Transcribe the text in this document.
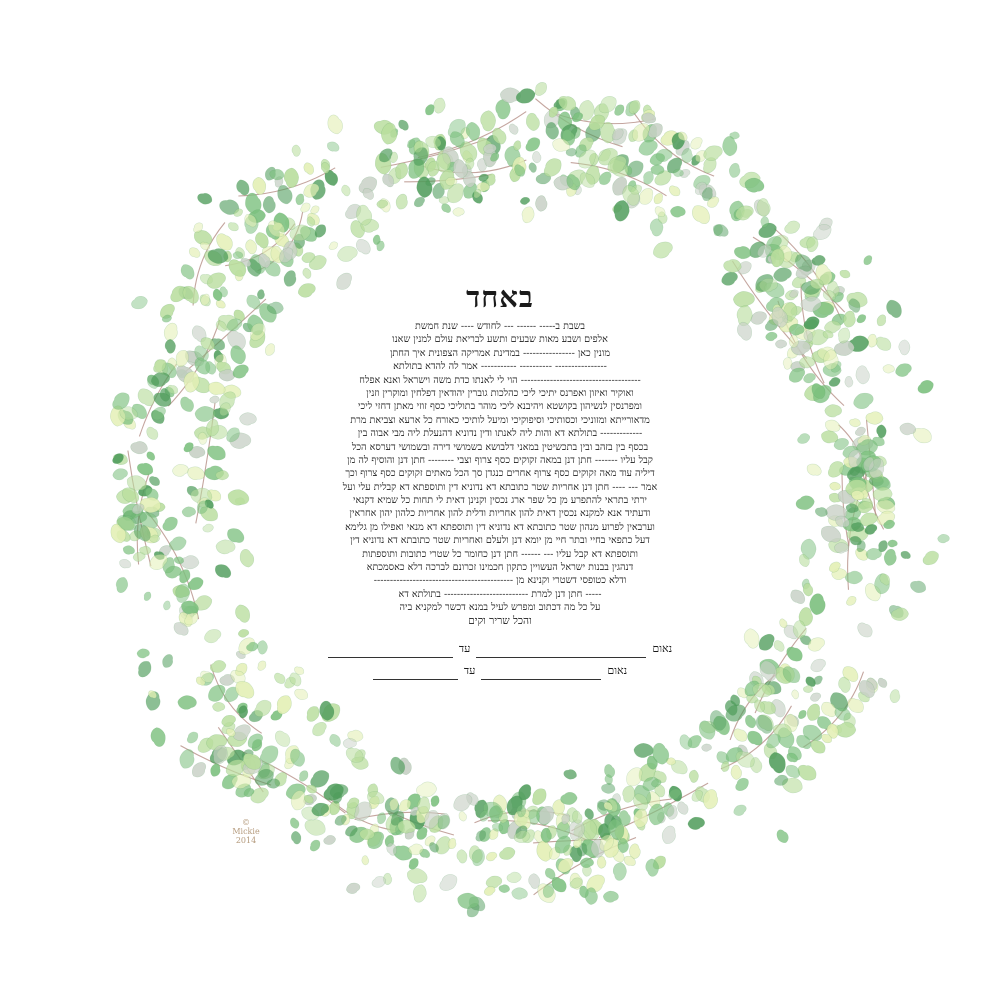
באחד
בשבת ב----- ------ --- לחודש ---- שנת חמשת
אלפים ושבע מאות שבעים ותשע לבריאת עולם למנין שאנו
מונין כאן ---------------- במדינת אמריקה הצפונית איך החתן
---------------- ---------- ----------- אמר לה להדא בתולתא
------------------------------------- הוי לי לאנתו כדת משה וישראל ואנא אפלח
ואוקיר ואיזון ואפרנס יתיכי ליכי כהלכות גוברין יהודאין דפלחין ומוקרין וזנין
ומפרנסין לנשיהון בקושטא ויהיבנא ליכי מוהר בתוליכי כסף זוזי מאתן דחזי ליכי
מדאורייתא ומזוניכי וכסותיכי וסיפוקיכי ומיעל לותיכי כאורח כל ארעא וצביאת מרת
------------- בתולתא דא והות ליה לאנתו ודין נדוניא דהנעלת ליה מבי אבוה בין
בכסף בין בזהב ובין בתכשיטין במאני דלבושא בשמושי דירה ובשמושי דערסא הכל
קבל עליו ------- חתן דנן במאה זקוקים כסף צרוף וצבי -------- חתן דנן והוסיף לה מן
דיליה עוד מאה זקוקים כסף צרוף אחרים כנגדן סך הכל מאתים זקוקים כסף צרוף וכך
אמר --- ---- חתן דנן אחריות שטר כתובתא דא נדוניא דין ותוספתא דא קבלית עלי ועל
ירתי בתראי להתפרע מן כל שפר ארג נכסין וקנינן דאית לי תחות כל שמיא דקנאי
ודעתיד אנא למקנא נכסין דאית להון אחריות ודלית להון אחריות כלהון יהון אחראין
וערבאין לפרוע מנהון שטר כתובתא דא נדוניא דין ותוספתא דא מנאי ואפילו מן גלימא
דעל כתפאי בחיי ובתר חיי מן יומא דנן ולעלם ואחריות שטר כתובתא דא נדוניא דין
ותוספתא דא קבל עליו --- ------ חתן דנן כחומר כל שטרי כתובות ותוספתות
דנהגין בבנות ישראל העשויין כתקון חכמינו זכרונם לברכה דלא כאסמכתא
ודלא כטופסי דשטרי וקנינא מן -------------------------------------------
----- חתן דנן למרת -------------------------- בתולתא דא
על כל מה דכתוב ומפרש לעיל במנא דכשר למקניא ביה
והכל שריר וקים
נאום
עד
נאום
עד
©
Mickie
2014
